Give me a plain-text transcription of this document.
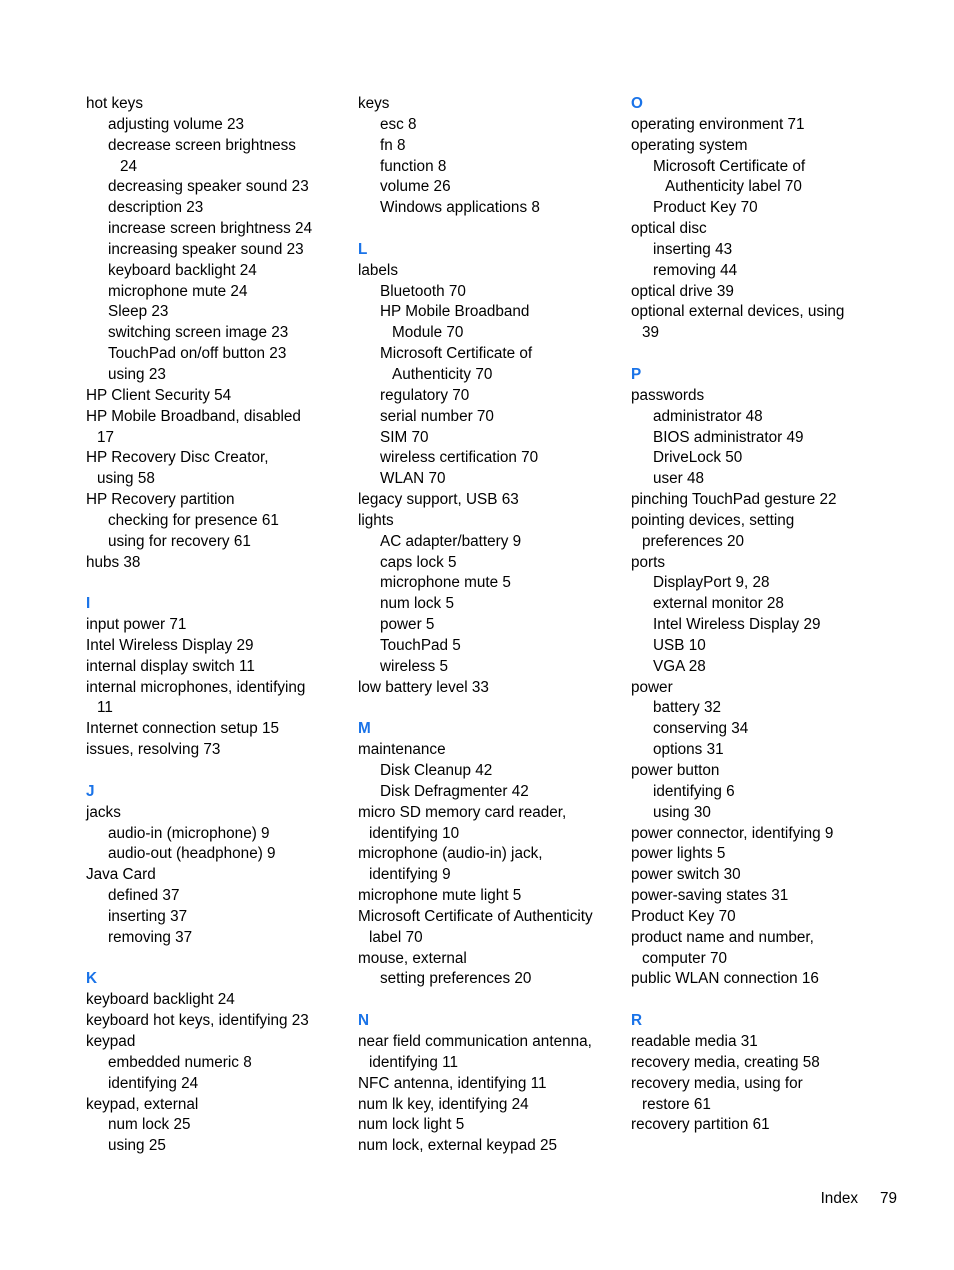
hot keys
adjusting volume 23
decrease screen brightness
24
decreasing speaker sound 23
description 23
increase screen brightness 24
increasing speaker sound 23
keyboard backlight 24
microphone mute 24
Sleep 23
switching screen image 23
TouchPad on/off button 23
using 23
HP Client Security 54
HP Mobile Broadband, disabled
17
HP Recovery Disc Creator,
using 58
HP Recovery partition
checking for presence 61
using for recovery 61
hubs 38
I
input power 71
Intel Wireless Display 29
internal display switch 11
internal microphones, identifying
11
Internet connection setup 15
issues, resolving 73
J
jacks
audio-in (microphone) 9
audio-out (headphone) 9
Java Card
defined 37
inserting 37
removing 37
K
keyboard backlight 24
keyboard hot keys, identifying 23
keypad
embedded numeric 8
identifying 24
keypad, external
num lock 25
using 25
keys
esc 8
fn 8
function 8
volume 26
Windows applications 8
L
labels
Bluetooth 70
HP Mobile Broadband
Module 70
Microsoft Certificate of
Authenticity 70
regulatory 70
serial number 70
SIM 70
wireless certification 70
WLAN 70
legacy support, USB 63
lights
AC adapter/battery 9
caps lock 5
microphone mute 5
num lock 5
power 5
TouchPad 5
wireless 5
low battery level 33
M
maintenance
Disk Cleanup 42
Disk Defragmenter 42
micro SD memory card reader,
identifying 10
microphone (audio-in) jack,
identifying 9
microphone mute light 5
Microsoft Certificate of Authenticity
label 70
mouse, external
setting preferences 20
N
near field communication antenna,
identifying 11
NFC antenna, identifying 11
num lk key, identifying 24
num lock light 5
num lock, external keypad 25
O
operating environment 71
operating system
Microsoft Certificate of
Authenticity label 70
Product Key 70
optical disc
inserting 43
removing 44
optical drive 39
optional external devices, using
39
P
passwords
administrator 48
BIOS administrator 49
DriveLock 50
user 48
pinching TouchPad gesture 22
pointing devices, setting
preferences 20
ports
DisplayPort 9, 28
external monitor 28
Intel Wireless Display 29
USB 10
VGA 28
power
battery 32
conserving 34
options 31
power button
identifying 6
using 30
power connector, identifying 9
power lights 5
power switch 30
power-saving states 31
Product Key 70
product name and number,
computer 70
public WLAN connection 16
R
readable media 31
recovery media, creating 58
recovery media, using for
restore 61
recovery partition 61
Index 79
